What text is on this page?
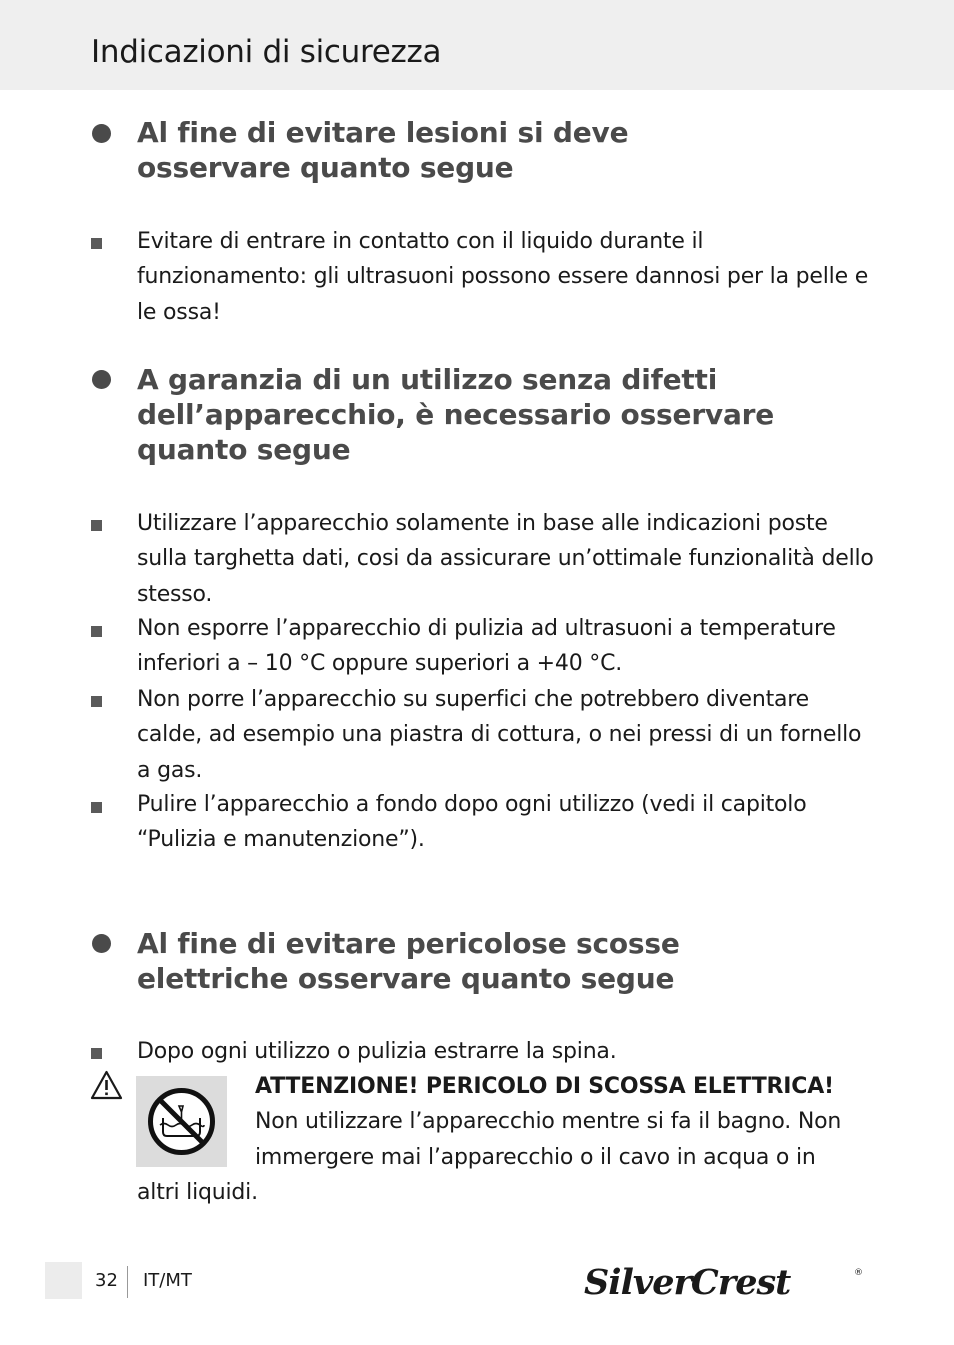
Indicazioni di sicurezza
Al fine di evitare lesioni si deve
osservare quanto segue

Evitare di entrare in contatto con il liquido durante il funzionamento: gli ultrasuoni possono essere dannosi per la pelle e le ossa!

A garanzia di un utilizzo senza difetti
dell’apparecchio, è necessario osservare
quanto segue

Utilizzare l’apparecchio solamente in base alle indicazioni poste sulla targhetta dati, cosi da assicurare un’ottimale funzionalità dello stesso.

Non esporre l’apparecchio di pulizia ad ultrasuoni a temperature inferiori a – 10 °C oppure superiori a +40 °C.

Non porre l’apparecchio su superfici che potrebbero diventare calde, ad esempio una piastra di cottura, o nei pressi di un fornello a gas.

Pulire l’apparecchio a fondo dopo ogni utilizzo (vedi il capitolo “Pulizia e manutenzione”).

Al fine di evitare pericolose scosse
elettriche osservare quanto segue

Dopo ogni utilizzo o pulizia estrarre la spina.

ATTENZIONE! PERICOLO DI SCOSSA ELETTRICA!
Non utilizzare l’apparecchio mentre si fa il bagno. Non
immergere mai l’apparecchio o il cavo in acqua o in
altri liquidi.
32 IT/MT	SilverCrest	®
